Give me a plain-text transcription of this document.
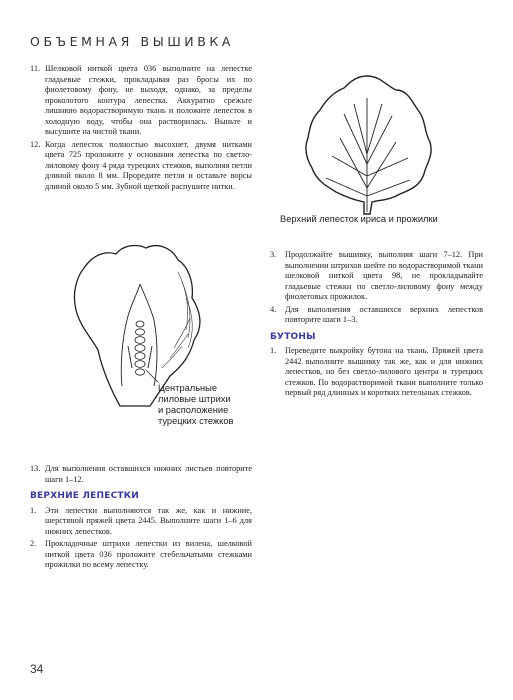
ОБЪЕМНАЯ ВЫШИВКА
11. Шелковой ниткой цвета 036 выполните на лепестке гладьевые стежки, прокладывая раз бросы их по фиолетовому фону, не выходя, однако, за пределы проколотого контура лепестка. Аккуратно срежьте лишнюю водорастворимую ткань и положите лепесток в холодную воду, чтобы она растворилась. Выньте и высушите на чистой ткани.
12. Когда лепесток полностью высохнет, двумя нитками цвета 725 проложите у основания лепестка по светло-лиловому фону 4 ряда турецких стежков, выполняя петли длиной около 8 мм. Проредите петли и оставьте ворсы длиной около 5 мм. Зубной щеткой распушите нитки.
Верхний лепесток ириса и прожилки
Центральные
лиловые штрихи
и расположение
турецких стежков
3. Продолжайте вышивку, выполняя шаги 7–12. При выполнении штрихов шейте по водорастворимой ткани шелковой ниткой цвета 98, не прокладывайте гладьевые стежки по светло-лиловому фону между фиолетовых прожилок.
4. Для выполнения оставшихся верхних лепестков повторите шаги 1–3.
БУТОНЫ
1. Переведите выкройку бутона на ткань. Пряжей цвета 2442 выполните вышивку так же, как и для нижних лепестков, но без светло-лилового центра и турецких стежков. По водорастворимой ткани выполните только первый ряд длинных и коротких петельных стежков.
13. Для выполнения оставшихся нижних листьев повторите шаги 1–12.
ВЕРХНИЕ ЛЕПЕСТКИ
1. Эти лепестки выполняются так же, как и нижние, шерстяной пряжей цвета 2445. Выполните шаги 1–6 для нижних лепестков.
2. Прокладочные штрихи лепестки из вилена, шелковой ниткой цвета 036 проложите стебельчатыми стежками прожилки по всему лепестку.
34
